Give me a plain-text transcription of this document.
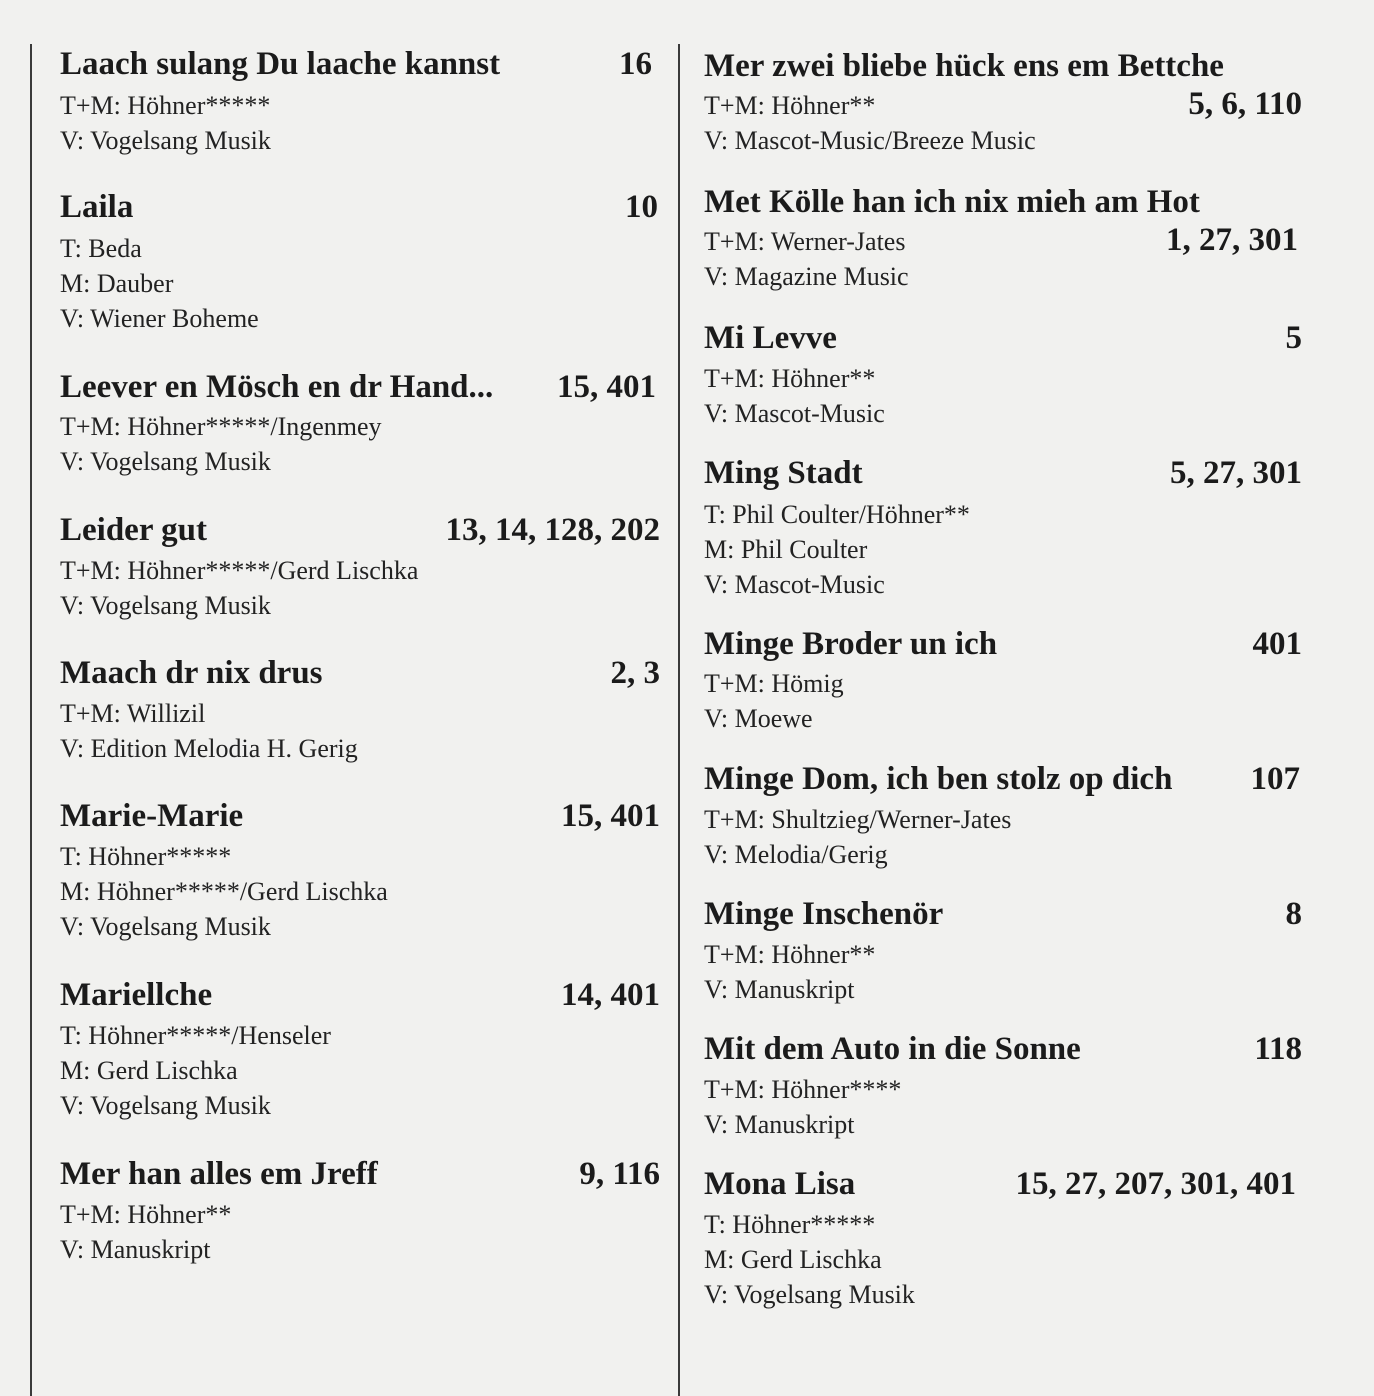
Laach sulang Du laache kannst	16
T+M: Höhner*****
V: Vogelsang Musik
Laila	10
T: Beda
M: Dauber
V: Wiener Boheme
Leever en Mösch en dr Hand... 15, 401
T+M: Höhner*****/Ingenmey
V: Vogelsang Musik
Leider gut	13, 14, 128, 202
T+M: Höhner*****/Gerd Lischka
V: Vogelsang Musik
Maach dr nix drus	2, 3
T+M: Willizil
V: Edition Melodia H. Gerig
Marie-Marie	15, 401
T: Höhner*****
M: Höhner*****/Gerd Lischka
V: Vogelsang Musik
Mariellche	14, 401
T: Höhner*****/Henseler
M: Gerd Lischka
V: Vogelsang Musik
Mer han alles em Jreff	9, 116
T+M: Höhner**
V: Manuskript
Mer zwei bliebe hück ens em Bettche
5, 6, 110
T+M: Höhner**
V: Mascot-Music/Breeze Music
Met Kölle han ich nix mieh am Hot
1, 27, 301
T+M: Werner-Jates
V: Magazine Music
Mi Levve	5
T+M: Höhner**
V: Mascot-Music
Ming Stadt	5, 27, 301
T: Phil Coulter/Höhner**
M: Phil Coulter
V: Mascot-Music
Minge Broder un ich	401
T+M: Hömig
V: Moewe
Minge Dom, ich ben stolz op dich 107
T+M: Shultzieg/Werner-Jates
V: Melodia/Gerig
Minge Inschenör	8
T+M: Höhner**
V: Manuskript
Mit dem Auto in die Sonne	118
T+M: Höhner****
V: Manuskript
Mona Lisa	15, 27, 207, 301, 401
T: Höhner*****
M: Gerd Lischka
V: Vogelsang Musik
